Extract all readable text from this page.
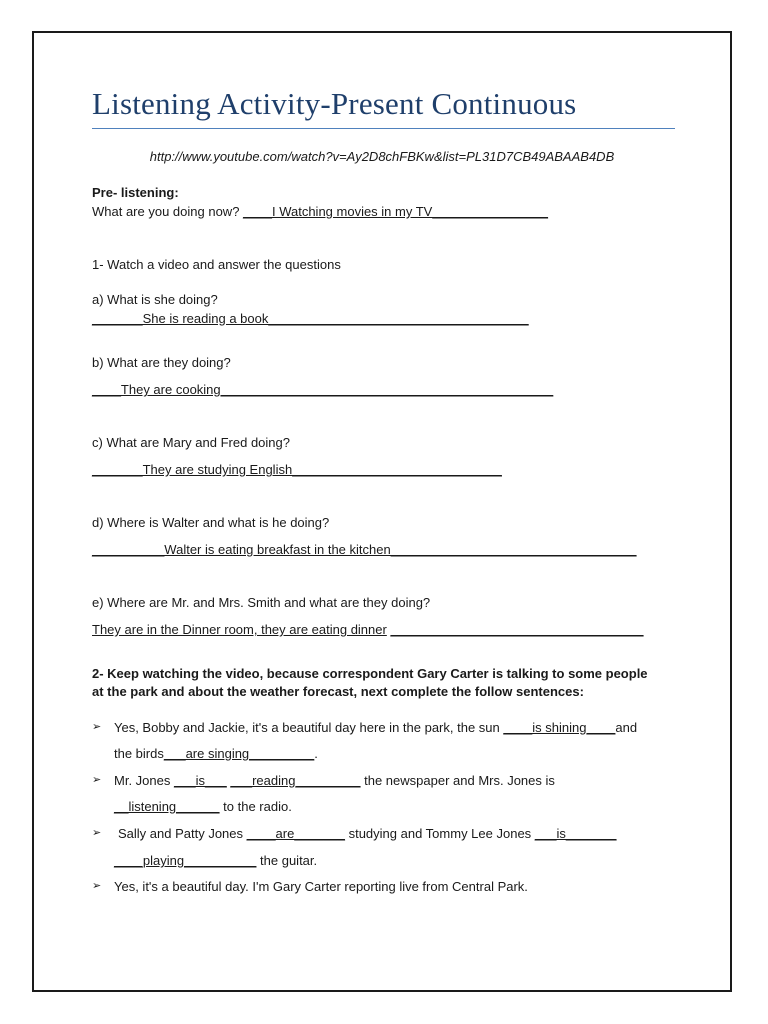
Listening Activity-Present Continuous
http://www.youtube.com/watch?v=Ay2D8chFBKw&list=PL31D7CB49ABAAB4DB
Pre- listening:
What are you doing now? ____I Watching movies in my TV________________
1- Watch a video and answer the questions
a) What is she doing?
_______She is reading a book____________________________________
b) What are they doing?
____They are cooking______________________________________________
c) What are Mary and Fred doing?
_______They are studying English_____________________________
d) Where is Walter and what is he doing?
__________Walter is eating breakfast in the kitchen__________________________________
e) Where are Mr. and Mrs. Smith and what are they doing?
They are in the Dinner room, they are eating dinner ___________________________________
2- Keep watching the video, because correspondent Gary Carter is talking to some people
at the park and about the weather forecast, next complete the follow sentences:
➢ Yes, Bobby and Jackie, it's a beautiful day here in the park, the sun ____is shining____and
the birds___are singing_________.
➢ Mr. Jones ___is___ ___reading_________ the newspaper and Mrs. Jones is
__listening______ to the radio.
➢ Sally and Patty Jones ____are_______ studying and Tommy Lee Jones ___is_______
____playing__________ the guitar.
➢ Yes, it's a beautiful day. I'm Gary Carter reporting live from Central Park.
